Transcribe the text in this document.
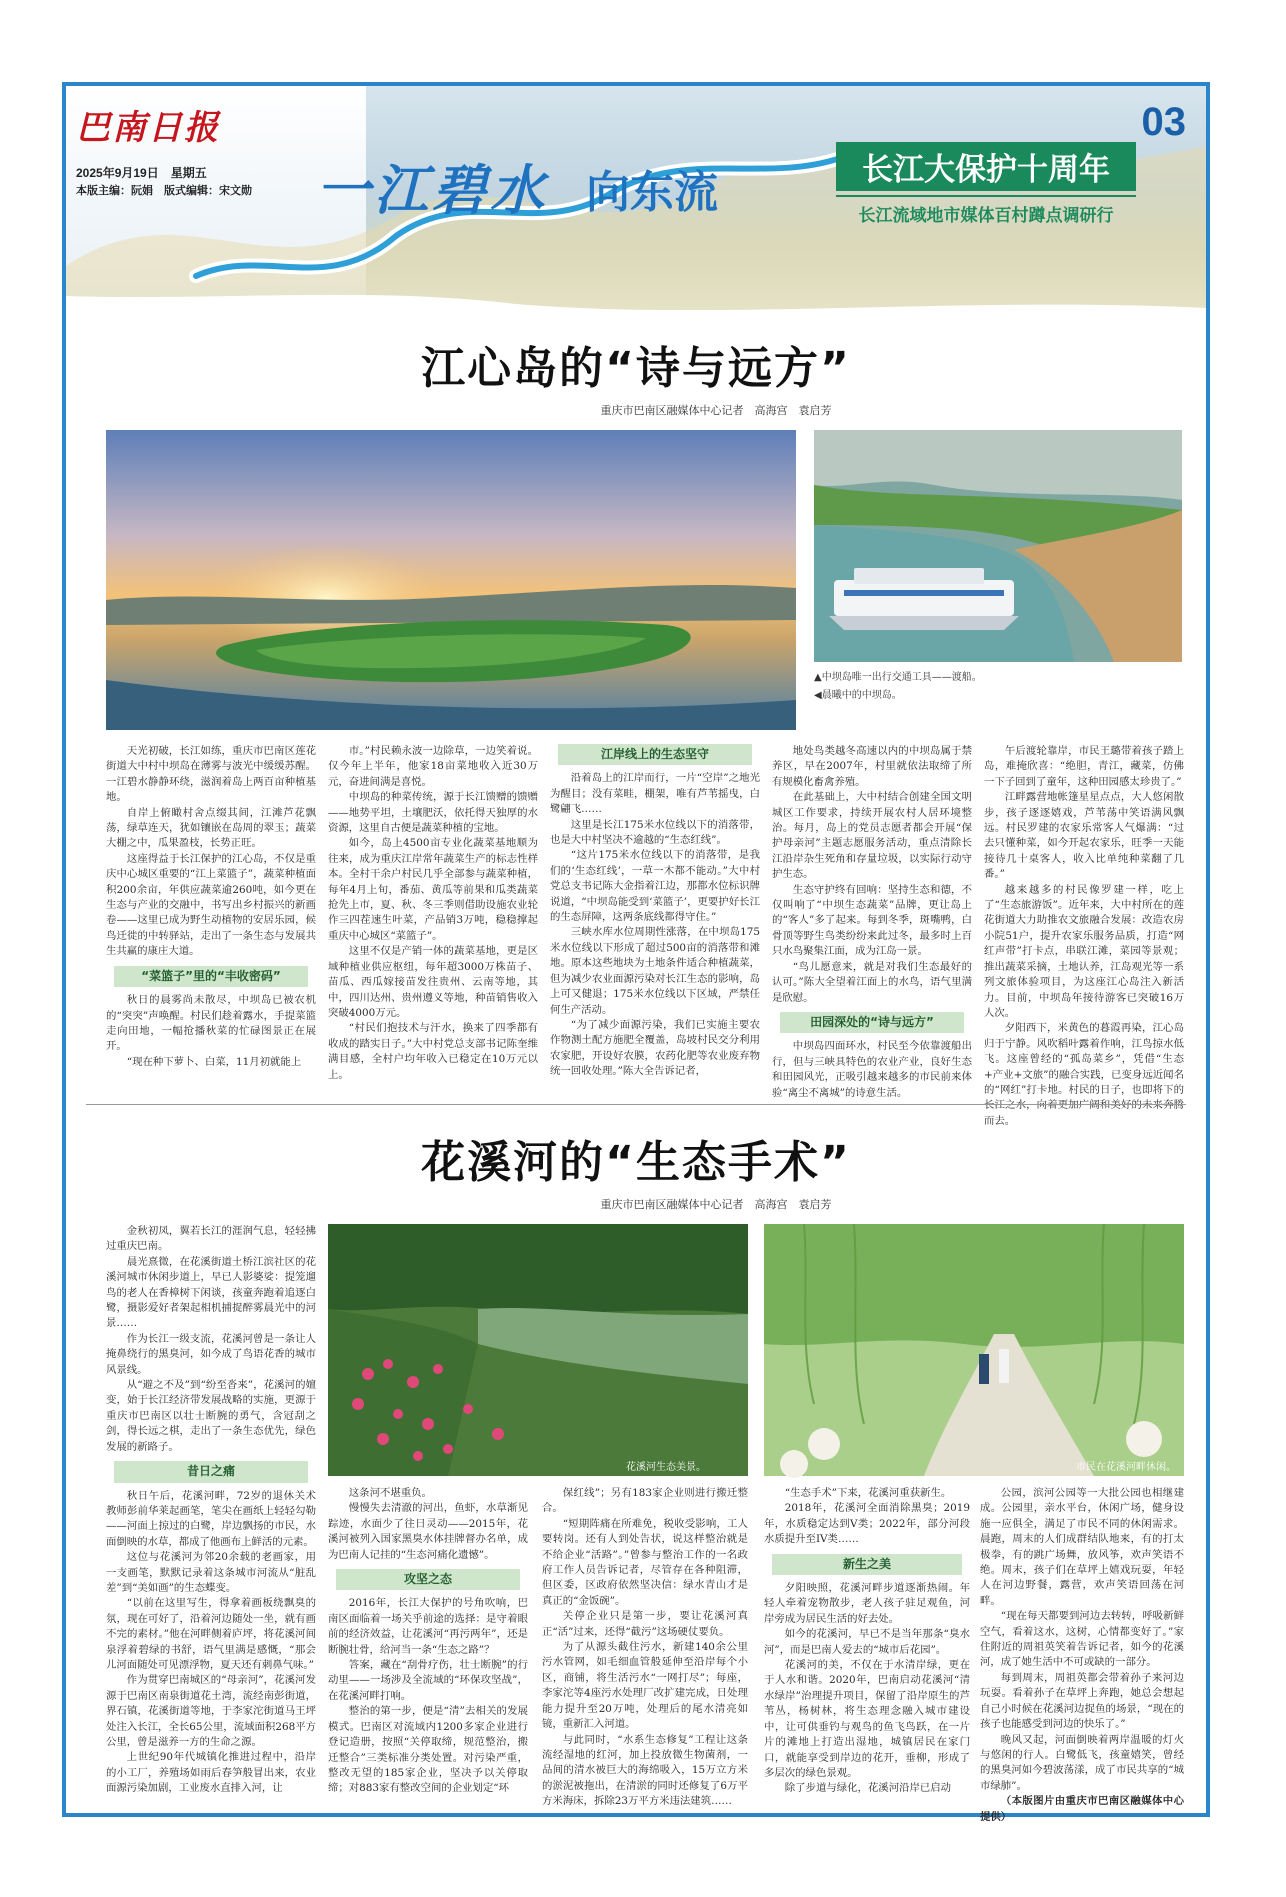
巴南日报
2025年9月19日　星期五
本版主编：阮娟　版式编辑：宋文勋
03
一江碧水 向东流	长江大保护十周年
长江流域地市媒体百村蹲点调研行
江心岛的“诗与远方”
重庆市巴南区融媒体中心记者　高海宫　袁启芳
▲中坝岛唯一出行交通工具——渡船。
◀晨曦中的中坝岛。

天光初破，长江如练，重庆市巴南区莲花街道大中村中坝岛在薄雾与波光中缓缓苏醒。一江碧水静静环绕，滋润着岛上两百亩种植基地。

自岸上俯瞰村舍点缀其间，江滩芦花飘荡，绿草连天，犹如镶嵌在岛周的翠玉；蔬菜大棚之中，瓜果盈枝，长势正旺。

这座得益于长江保护的江心岛，不仅是重庆中心城区重要的“江上菜篮子”，蔬菜种植面积200余亩，年供应蔬菜逾260吨，如今更在生态与产业的交融中，书写出乡村振兴的新画卷——这里已成为野生动植物的安居乐园，候鸟迁徙的中转驿站，走出了一条生态与发展共生共赢的康庄大道。

“菜篮子”里的“丰收密码”

秋日的晨雾尚未散尽，中坝岛已被农机的“突突”声唤醒。村民们趁着露水，手提菜篮走向田地，一幅抢播秋菜的忙碌图景正在展开。

“现在种下萝卜、白菜，11月初就能上

市。”村民赖永波一边除草，一边笑着说。仅今年上半年，他家18亩菜地收入近30万元，奋进间满是喜悦。

中坝岛的种菜传统，源于长江馈赠的馈赠——地势平坦，土壤肥沃，依托得天独厚的水资源，这里自古便是蔬菜种植的宝地。

如今，岛上4500亩专业化蔬菜基地顺为往来，成为重庆江岸常年蔬菜生产的标志性样本。全村干余户村民几乎全部参与蔬菜种植，每年4月上旬，番茄、黄瓜等前果和瓜类蔬菜抢先上市，夏、秋、冬三季则借助设施农业轮作三四茬速生叶菜，产品销3万吨，稳稳撑起重庆中心城区“菜篮子”。

这里不仅是产销一体的蔬菜基地，更是区域种植业供应枢纽，每年超3000万株苗子、苗瓜、西瓜嫁接苗发往贵州、云南等地，其中，四川达州、贵州遵义等地，种苗销售收入突破4000万元。

“村民们抱技术与汗水，换来了四季都有收成的踏实日子。”大中村党总支部书记陈奎维满目感，全村户均年收入已稳定在10万元以上。

江岸线上的生态坚守

沿着岛上的江岸而行，一片“空岸”之地光为醒目；没有菜畦，棚架，唯有芦苇摇曳，白鹭翩飞……

这里是长江175米水位线以下的消落带，也是大中村坚决不逾越的“生态红线”。

“这片175米水位线以下的消落带，是我们的‘生态红线’，一草一木都不能动。”大中村党总支书记陈大金指着江边，那都水位标识牌说道，“中坝岛能受到‘菜篮子’，更要护好长江的生态屏障，这两条底线都得守住。”

三峡水库水位周期性涨落，在中坝岛175米水位线以下形成了超过500亩的消落带和滩地。原本这些地块为土地条件适合种植蔬菜，但为减少农业面源污染对长江生态的影响，岛上可又健退；175米水位线以下区域，严禁任何生产活动。

“为了减少面源污染，我们已实施主要农作物测土配方施肥全覆盖，岛坡村民交分利用农家肥，开设好农膜，农药化肥等农业废弃物统一回收处理。”陈大全告诉记者，

地处鸟类越冬高速以内的中坝岛属于禁养区，早在2007年，村里就依法取缔了所有规模化畜禽养殖。

在此基础上，大中村结合创建全国文明城区工作要求，持续开展农村人居环境整治。每月，岛上的党员志愿者都会开展“保护母亲河”主题志愿服务活动，重点清除长江沿岸杂生死角和存量垃圾，以实际行动守护生态。

生态守护终有回响：坚持生态和德，不仅叫响了“中坝生态蔬菜”品牌，更让岛上的“客人”多了起来。每到冬季，斑嘴鸭，白骨顶等野生鸟类纷纷来此过冬，最多时上百只水鸟聚集江面，成为江岛一景。

“鸟儿愿意来，就是对我们生态最好的认可。”陈大全望着江面上的水鸟，语气里满是欣慰。

田园深处的“诗与远方”

中坝岛四面环水，村民至今依靠渡船出行，但与三峡具特色的农业产业，良好生态和田园风光，正吸引越来越多的市民前来体验“离尘不离城”的诗意生活。

午后渡轮靠岸，市民王璐带着孩子踏上岛，难掩欣喜：“绝胆，青江，藏菜，仿佛一下子回到了童年，这种田园感太珍贵了。”

江畔露营地帐篷星星点点，大人悠闲散步，孩子逐逐嬉戏，芦苇荡中笑语满风飘远。村民罗建的农家乐常客人气爆满：“过去只懂种菜，如今开起农家乐，旺季一天能接待几十桌客人，收入比单纯种菜翻了几番。”

越来越多的村民像罗建一样，吃上了“生态旅游饭”。近年来，大中村所在的莲花街道大力助推农文旅融合发展：改造农房小院51户，提升农家乐服务品质，打造“网红声带”打卡点，串联江滩，菜园等景观；推出蔬菜采摘，土地认养，江岛观光等一系列文旅体验项目，为这座江心岛注入新活力。目前，中坝岛年接待游客已突破16万人次。

夕阳西下，米黄色的暮霞再染，江心岛归于宁静。风吹稻叶露着作响，江鸟掠水低飞。这座曾经的“孤岛菜乡”，凭借“生态+产业+文旅”的融合实践，已变身远近闻名的“网红”打卡地。村民的日子，也即将下的长江之水，向着更加广阔和美好的未来奔腾而去。

花溪河的“生态手术”
重庆市巴南区融媒体中心记者　高海宫　袁启芳

金秋初凤，翼若长江的涯润气息，轻轻拂过重庆巴南。

晨光熹微，在花溪街道土桥江滨社区的花溪河城市休闲步道上，早已人影婆娑：提笼遛鸟的老人在香樟树下闲谈，孩童奔跑着追逐白鹭，摄影爱好者架起相机捕捉醉雾晨光中的河景……

作为长江一级支流，花溪河曾是一条让人掩鼻绕行的黑臭河，如今成了鸟语花香的城市风景线。

从“避之不及”到“纷至沓来”，花溪河的嬗变，始于长江经济带发展战略的实施，更源于重庆市巴南区以壮士断腕的勇气，含冠刮之剑，得长远之棋，走出了一条生态优先，绿色发展的新路子。

昔日之痛

秋日午后，花溪河畔，72岁的退休关术教师彭前华莱起画笔，笔尖在画纸上轻轻勾勒——河面上掠过的白鹭，岸边飘扬的市民，水面倒映的水草，都成了他画布上鲜活的元素。

这位与花溪河为邻20余载的老画家，用一支画笔，默默记录着这条城市河流从“脏乱差”到“美如画”的生态蝶变。

“以前在这里写生，得拿着画板绕飘臭的氛，现在可好了，沿着河边随处一坐，就有画不完的素材。”他在河畔侧着庐坪，将花溪河间泉浮着碧绿的书舒，语气里满是感慨，“那会儿河面随处可见漂浮物，夏天还有刺鼻气味。”

作为贯穿巴南城区的“母亲河”，花溪河发源于巴南区南泉街道花土湾，流经南彭街道，界石镇，花溪街道等地，于李家沱街道马王坪处注入长江，全长65公里，流域面积268平方公里，曾是滋养一方的生命之源。

上世纪90年代城镇化推进过程中，沿岸的小工厂，养殖场如雨后春笋般冒出来，农业面源污染加剧，工业废水直排入河，让

花溪河生态美景。	市民在花溪河畔休闲。

这条河不堪重负。

慢慢失去清澈的河出，鱼虾，水草渐见踪迹，水面少了往日灵动——2015年，花溪河被列入国家黑臭水体挂牌督办名单，成为巴南人记挂的“生态河痛化遗憾”。

攻坚之态

2016年，长江大保护的号角吹响，巴南区面临着一场关乎前途的选择：是守着眼前的经济效益，让花溪河“再污两年”，还是断腕壮骨，给河当一条“生态之路”？

答案，藏在“刮骨疗伤，壮士断腕”的行动里——一场涉及全流域的“环保攻坚战”，在花溪河畔打响。

整治的第一步，便是“清”去相关的发展模式。巴南区对流域内1200多家企业进行登记造册，按照“关停取缔，规范整治，搬迁整合”三类标准分类处置。对污染严重，整改无望的185家企业，坚决予以关停取缔；对883家有整改空间的企业划定“环

保红线”；另有183家企业则进行搬迁整合。

“短期阵痛在所难免，税收受影响，工人要转岗。还有人到处告状，说这样整治就是不给企业“活路”。”曾参与整治工作的一名政府工作人员告诉记者，尽管存在各种阻滞，但区委，区政府依然坚决信：绿水青山才是真正的“金饭碗”。

关停企业只是第一步，要让花溪河真正“活”过来，还得“截污”这场硬仗要负。

为了从源头截住污水，新建140余公里污水管网，如毛细血管般延伸至沿岸每个小区，商铺，将生活污水“一网打尽”；每座，李家沱等4座污水处理厂改扩建完成，日处理能力提升至20万吨，处理后的尾水清亮如镜，重新汇入河道。

与此同时，“水系生态修复”工程让这条流经湿地的红河，加上投放微生物菌剂，一品间的清水被巨大的海绵吸入，15万立方米的淤泥被拖出，在清淤的同时还修复了6万平方米海床，拆除23万平方米违法建筑……

“生态手术”下来，花溪河重获新生。

2018年，花溪河全面消除黑臭；2019年，水质稳定达到V类；2022年，部分河段水质提升至IV类……

新生之美

夕阳映照，花溪河畔步道逐渐热闹。年轻人牵着宠物散步，老人孩子驻足观鱼，河岸旁成为居民生活的好去处。

如今的花溪河，早已不是当年那条“臭水河”，而是巴南人爱去的“城市后花园”。

花溪河的美，不仅在于水清岸绿，更在于人水和谐。2020年，巴南启动花溪河“清水绿岸”治理提升项目，保留了沿岸原生的芦苇丛，杨树林，将生态理念融入城市建设中，让可供垂钓与观鸟的鱼飞鸟跃，在一片片的滩地上打造出湿地，城镇居民在家门口，就能享受到岸边的花开，垂柳，形成了多层次的绿色景观。

除了步道与绿化，花溪河沿岸已启动

公园，滨河公园等一大批公园也相继建成。公园里，亲水平台，休闲广场，健身设施一应俱全，满足了市民不同的休闲需求。晨跑，周末的人们成群结队地来，有的打太极拳，有的跳广场舞，放风筝，欢声笑语不绝。周末，孩子们在草坪上嬉戏玩耍，年轻人在河边野餐，露营，欢声笑语回荡在河畔。

“现在每天都要到河边去转转，呼吸新鲜空气，看着这水，这树，心情都变好了。”家住附近的周祖英笑着告诉记者，如今的花溪河，成了她生活中不可或缺的一部分。

每到周末，周祖英都会带着孙子来河边玩耍。看着孙子在草坪上奔跑，她总会想起自己小时候在花溪河边捉鱼的场景，“现在的孩子也能感受到河边的快乐了。”

晚风又起，河面倒映着两岸温暖的灯火与悠闲的行人。白鹭低飞，孩童嬉笑，曾经的黑臭河如今碧波荡漾，成了市民共享的“城市绿肺”。

（本版图片由重庆市巴南区融媒体中心提供）
